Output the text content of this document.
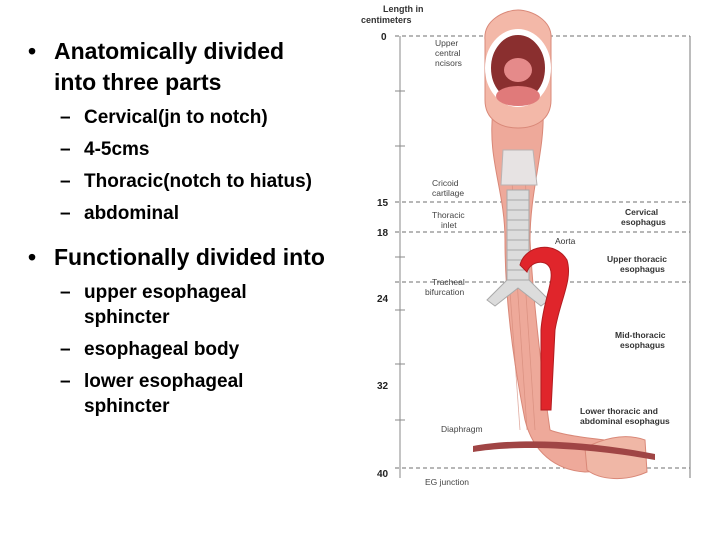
• Anatomically divided into three parts
– Cervical(jn to notch)
– 4-5cms
– Thoracic(notch to hiatus)
– abdominal
• Functionally divided into
– upper esophageal sphincter
– esophageal body
– lower esophageal sphincter
Length in
centimeters
0
15
18
24
32
40
Upper
central
ncisors
Cricoid
cartilage
Thoracic
inlet
Tracheal
bifurcation
Diaphragm
EG junction
Aorta
Cervical
esophagus
Upper thoracic
esophagus
Mid-thoracic
esophagus
Lower thoracic and
abdominal esophagus
